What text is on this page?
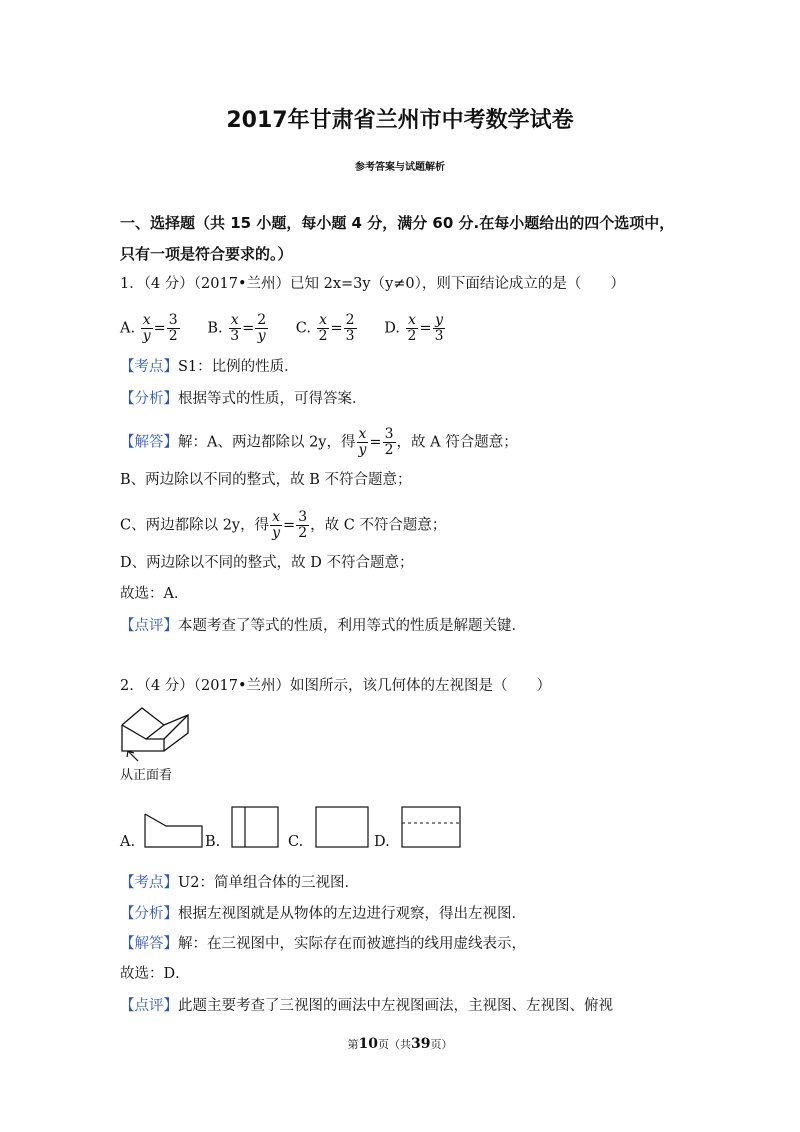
2017年甘肃省兰州市中考数学试卷
参考答案与试题解析
一、选择题（共 15 小题，每小题 4 分，满分 60 分.在每小题给出的四个选项中，
只有一项是符合要求的。）
1．（4 分）（2017•兰州）已知 2x=3y（y≠0），则下面结论成立的是（　　）
A. $\frac{x}{y} = \frac{3}{2} B$. $\frac{x}{3} = \frac{2}{y} C$. $\frac{x}{2} = \frac{2}{3} D$. $\frac{x}{2} = \frac{y}{3}$
【考点】S1：比例的性质．
【分析】根据等式的性质，可得答案．
【解答】解：A、两边都除以 2y，得 $\frac{x}{y} = \frac{3}{2}$ ，故 A 符合题意；
B、两边除以不同的整式，故 B 不符合题意；
C、两边都除以 2y，得 $\frac{x}{y} = \frac{3}{2}$ ，故 C 不符合题意；
D、两边除以不同的整式，故 D 不符合题意；
故选：A．
【点评】本题考查了等式的性质，利用等式的性质是解题关键．
2．（4 分）（2017•兰州）如图所示，该几何体的左视图是（　　）
从正面看
A.	B.	C.	D.
【考点】U2：简单组合体的三视图．
【分析】根据左视图就是从物体的左边进行观察，得出左视图．
【解答】解：在三视图中，实际存在而被遮挡的线用虚线表示，
故选：D．
【点评】此题主要考查了三视图的画法中左视图画法，主视图、左视图、俯视
第10页（共39页）
